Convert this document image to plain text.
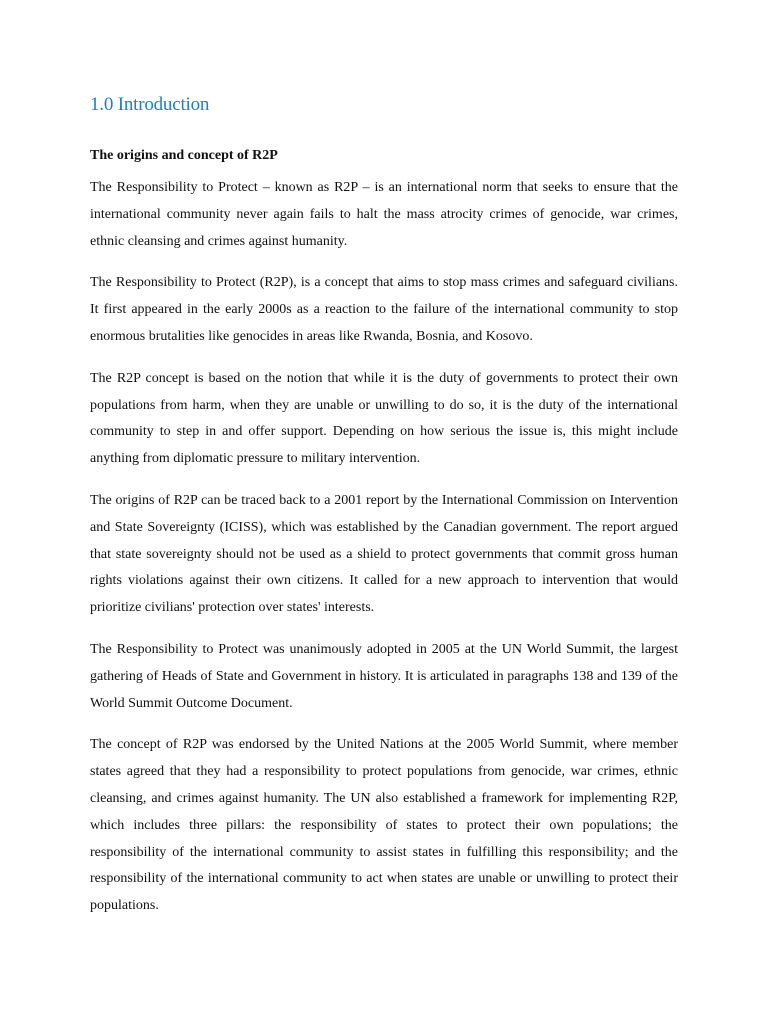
1.0 Introduction
The origins and concept of R2P

The Responsibility to Protect – known as R2P – is an international norm that seeks to ensure that the international community never again fails to halt the mass atrocity crimes of genocide, war crimes, ethnic cleansing and crimes against humanity.

The Responsibility to Protect (R2P), is a concept that aims to stop mass crimes and safeguard civilians. It first appeared in the early 2000s as a reaction to the failure of the international community to stop enormous brutalities like genocides in areas like Rwanda, Bosnia, and Kosovo.

The R2P concept is based on the notion that while it is the duty of governments to protect their own populations from harm, when they are unable or unwilling to do so, it is the duty of the international community to step in and offer support. Depending on how serious the issue is, this might include anything from diplomatic pressure to military intervention.

The origins of R2P can be traced back to a 2001 report by the International Commission on Intervention and State Sovereignty (ICISS), which was established by the Canadian government. The report argued that state sovereignty should not be used as a shield to protect governments that commit gross human rights violations against their own citizens. It called for a new approach to intervention that would prioritize civilians' protection over states' interests.

The Responsibility to Protect was unanimously adopted in 2005 at the UN World Summit, the largest gathering of Heads of State and Government in history. It is articulated in paragraphs 138 and 139 of the World Summit Outcome Document.

The concept of R2P was endorsed by the United Nations at the 2005 World Summit, where member states agreed that they had a responsibility to protect populations from genocide, war crimes, ethnic cleansing, and crimes against humanity. The UN also established a framework for implementing R2P, which includes three pillars: the responsibility of states to protect their own populations; the responsibility of the international community to assist states in fulfilling this responsibility; and the responsibility of the international community to act when states are unable or unwilling to protect their populations.
